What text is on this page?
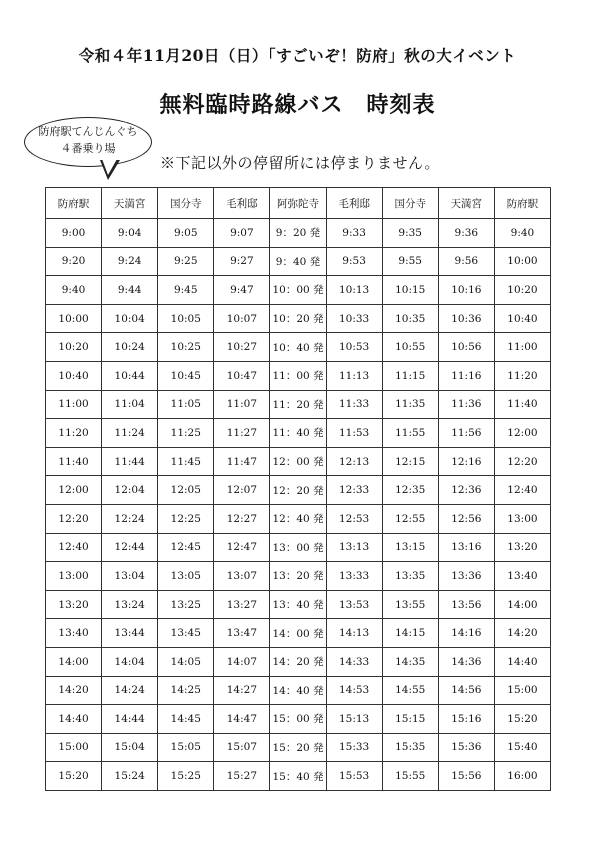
令和４年11月20日（日）「すごいぞ！防府」秋の大イベント
無料臨時路線バス　時刻表
防府駅てんじんぐち
４番乗り場
※下記以外の停留所には停まりません。
防府駅	天満宮	国分寺	毛利邸	阿弥陀寺	毛利邸	国分寺	天満宮	防府駅
9:00	9:04	9:05	9:07	9：20 発	9:33	9:35	9:36	9:40
9:20	9:24	9:25	9:27	9：40 発	9:53	9:55	9:56	10:00
9:40	9:44	9:45	9:47	10：00 発	10:13	10:15	10:16	10:20
10:00	10:04	10:05	10:07	10：20 発	10:33	10:35	10:36	10:40
10:20	10:24	10:25	10:27	10：40 発	10:53	10:55	10:56	11:00
10:40	10:44	10:45	10:47	11：00 発	11:13	11:15	11:16	11:20
11:00	11:04	11:05	11:07	11：20 発	11:33	11:35	11:36	11:40
11:20	11:24	11:25	11:27	11：40 発	11:53	11:55	11:56	12:00
11:40	11:44	11:45	11:47	12：00 発	12:13	12:15	12:16	12:20
12:00	12:04	12:05	12:07	12：20 発	12:33	12:35	12:36	12:40
12:20	12:24	12:25	12:27	12：40 発	12:53	12:55	12:56	13:00
12:40	12:44	12:45	12:47	13：00 発	13:13	13:15	13:16	13:20
13:00	13:04	13:05	13:07	13：20 発	13:33	13:35	13:36	13:40
13:20	13:24	13:25	13:27	13：40 発	13:53	13:55	13:56	14:00
13:40	13:44	13:45	13:47	14：00 発	14:13	14:15	14:16	14:20
14:00	14:04	14:05	14:07	14：20 発	14:33	14:35	14:36	14:40
14:20	14:24	14:25	14:27	14：40 発	14:53	14:55	14:56	15:00
14:40	14:44	14:45	14:47	15：00 発	15:13	15:15	15:16	15:20
15:00	15:04	15:05	15:07	15：20 発	15:33	15:35	15:36	15:40
15:20	15:24	15:25	15:27	15：40 発	15:53	15:55	15:56	16:00
